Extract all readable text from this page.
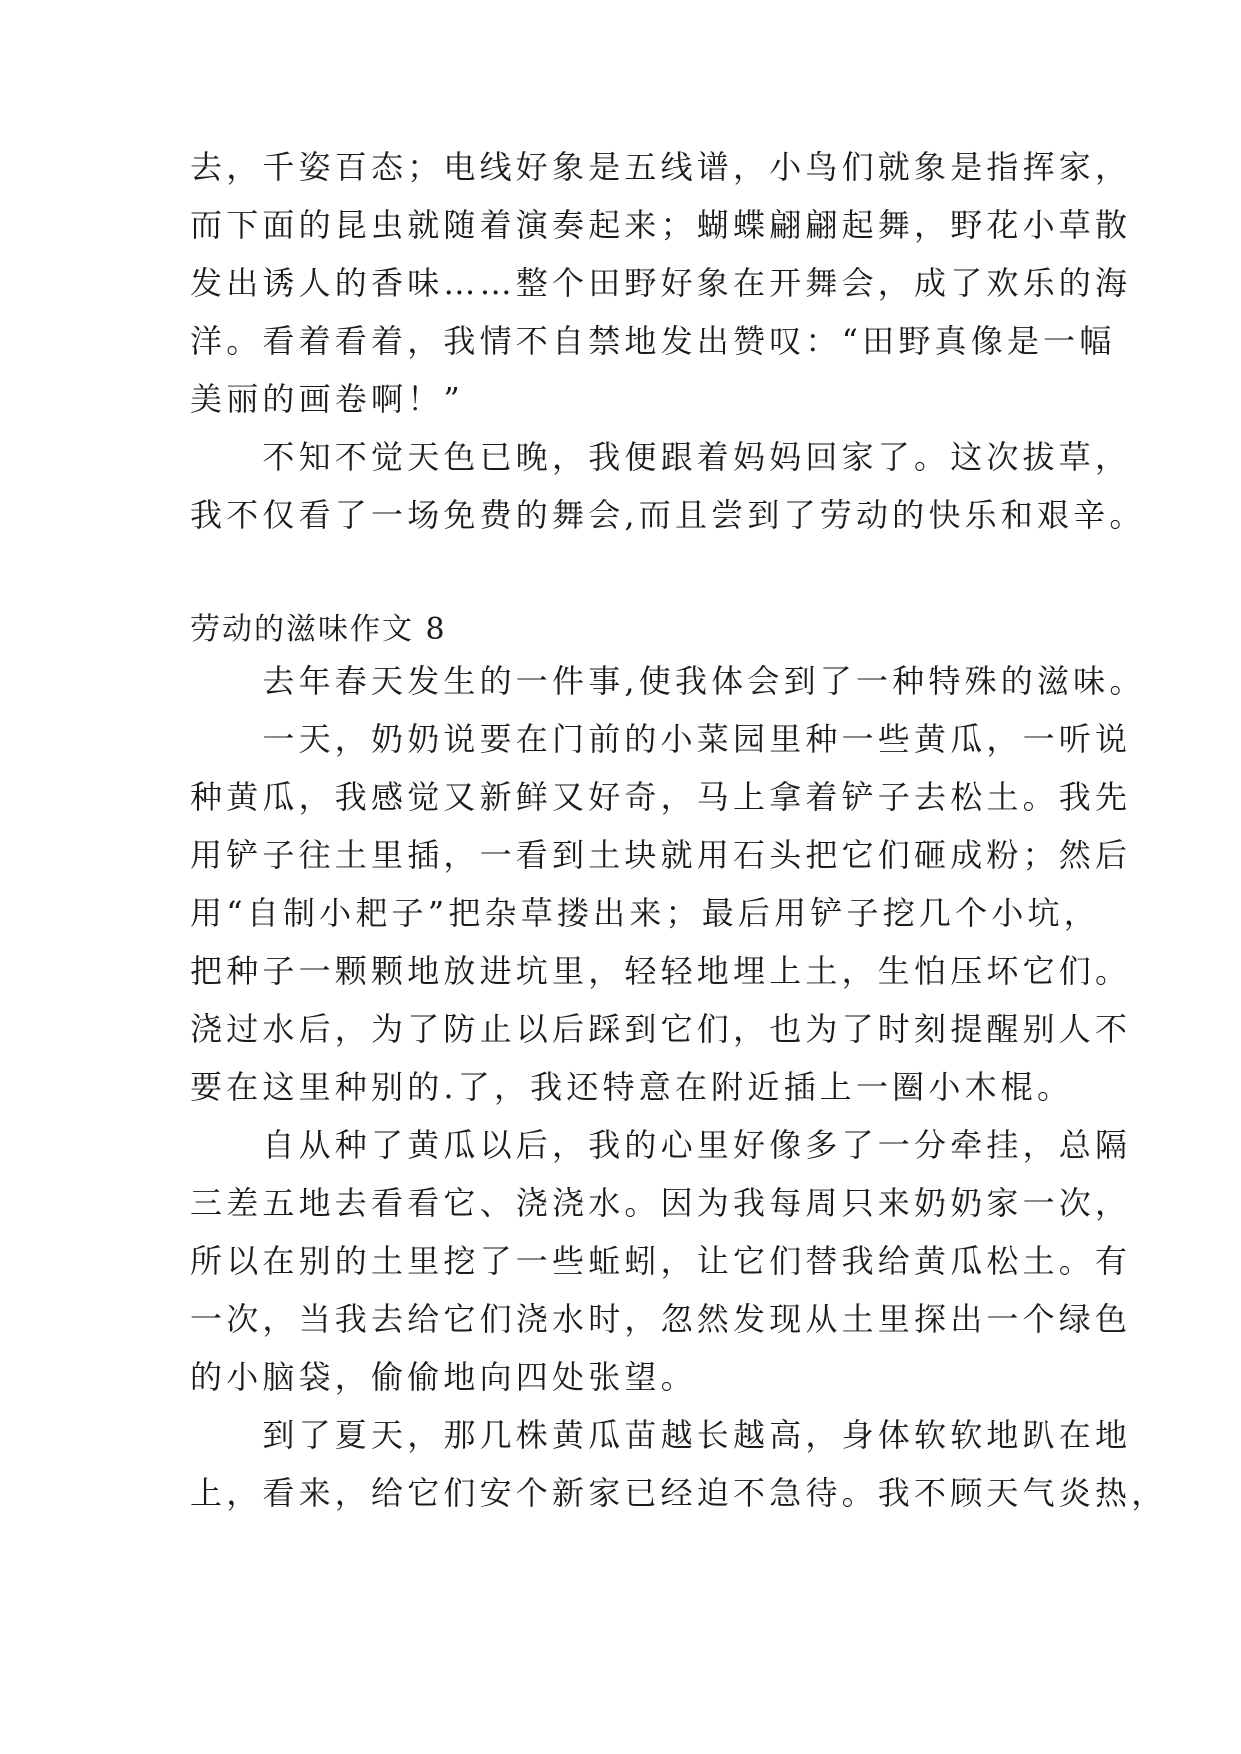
去，千姿百态；电线好象是五线谱，小鸟们就象是指挥家，
而下面的昆虫就随着演奏起来；蝴蝶翩翩起舞，野花小草散
发出诱人的香味……整个田野好象在开舞会，成了欢乐的海
洋。看着看着，我情不自禁地发出赞叹：“田野真像是一幅
美丽的画卷啊！”
　　不知不觉天色已晚，我便跟着妈妈回家了。这次拔草，
我不仅看了一场免费的舞会,而且尝到了劳动的快乐和艰辛。
劳动的滋味作文 8
　　去年春天发生的一件事,使我体会到了一种特殊的滋味。
　　一天，奶奶说要在门前的小菜园里种一些黄瓜，一听说
种黄瓜，我感觉又新鲜又好奇，马上拿着铲子去松土。我先
用铲子往土里插，一看到土块就用石头把它们砸成粉；然后
用“自制小耙子”把杂草搂出来；最后用铲子挖几个小坑，
把种子一颗颗地放进坑里，轻轻地埋上土，生怕压坏它们。
浇过水后，为了防止以后踩到它们，也为了时刻提醒别人不
要在这里种别的.了，我还特意在附近插上一圈小木棍。
　　自从种了黄瓜以后，我的心里好像多了一分牵挂，总隔
三差五地去看看它、浇浇水。因为我每周只来奶奶家一次，
所以在别的土里挖了一些蚯蚓，让它们替我给黄瓜松土。有
一次，当我去给它们浇水时，忽然发现从土里探出一个绿色
的小脑袋，偷偷地向四处张望。
　　到了夏天，那几株黄瓜苗越长越高，身体软软地趴在地
上，看来，给它们安个新家已经迫不急待。我不顾天气炎热，
